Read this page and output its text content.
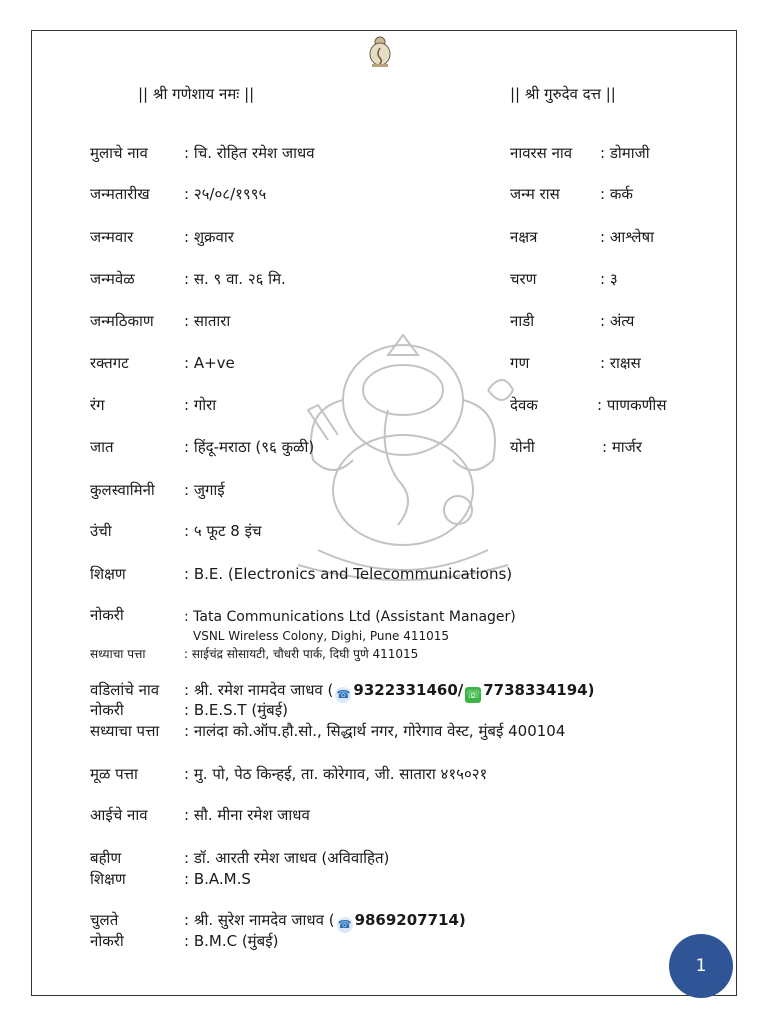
|| श्री गणेशाय नमः ||	|| श्री गुरुदेव दत्त ||
मुलाचे नाव : चि. रोहित रमेश जाधव
जन्मतारीख : २५/०८/१९९५
जन्मवार	: शुक्रवार
जन्मवेळ	: स. ९ वा. २६ मि.
जन्मठिकाण : सातारा
रक्तगट	: A+ve
रंग	: गोरा
जात	: हिंदू-मराठा (९६ कुळी)
कुलस्वामिनी : जुगाई
उंची	: ५ फूट 8 इंच
शिक्षण	: B.E. (Electronics and Telecommunications)
नावरस नाव : डोमाजी
जन्म रास	: कर्क
नक्षत्र	: आश्लेषा
चरण	: ३
नाडी	: अंत्य
गण	: राक्षस
देवक	: पाणकणीस
योनी	: मार्जर
नोकरी	: Tata Communications Ltd (Assistant Manager)
VSNL Wireless Colony, Dighi, Pune 411015
सध्याचा पत्ता	: साईचंद्र सोसायटी, चौधरी पार्क, दिघी पुणे 411015
वडिलांचे नाव : श्री. रमेश नामदेव जाधव ( ☎ 9322331460/ ☏ 7738334194)
नोकरी	: B.E.S.T (मुंबई)
सध्याचा पत्ता : नालंदा को.ऑप.हौ.सो., सिद्धार्थ नगर, गोरेगाव वेस्ट, मुंबई 400104
मूळ पत्ता	: मु. पो, पेठ किन्हई, ता. कोरेगाव, जी. सातारा ४१५०२१
आईचे नाव : सौ. मीना रमेश जाधव
बहीण	: डॉ. आरती रमेश जाधव (अविवाहित)
शिक्षण	: B.A.M.S
चुलते	: श्री. सुरेश नामदेव जाधव ( ☎ 9869207714)
नोकरी	: B.M.C (मुंबई)
1
